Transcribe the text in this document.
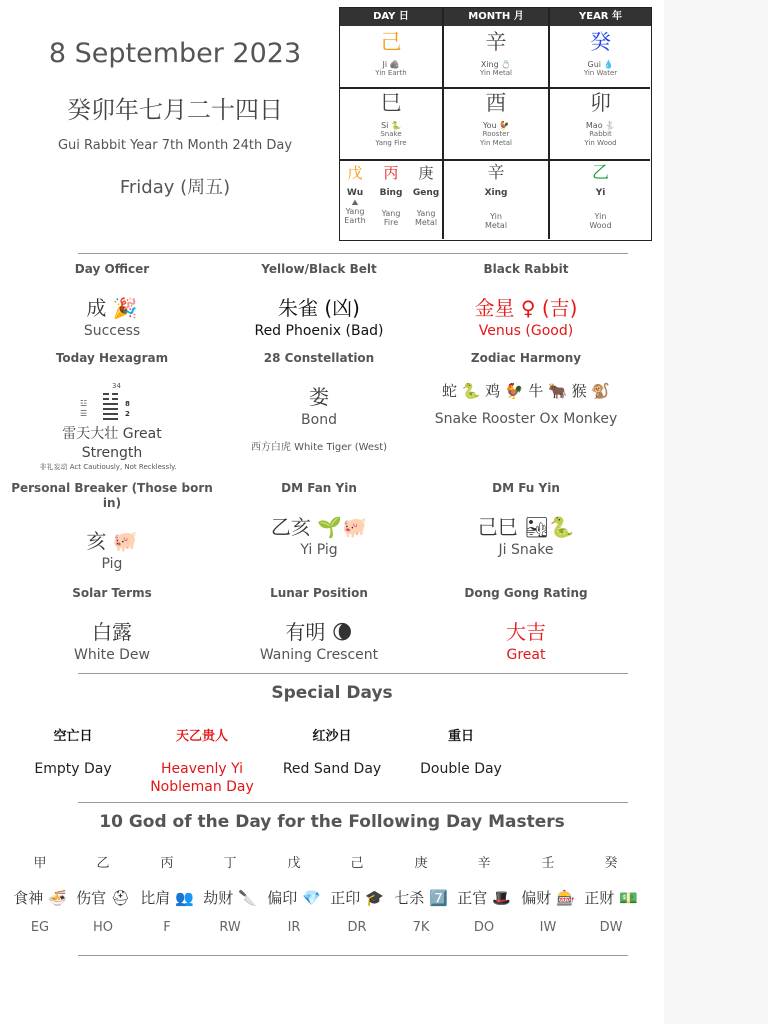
8 September 2023
癸卯年七月二十四日
Gui Rabbit Year 7th Month 24th Day
Friday (周五)
DAY 日	MONTH 月	YEAR 年
己
Ji 🪨
Yin Earth
辛
Xing 💍
Yin Metal
癸
Gui 💧
Yin Water
巳
Si 🐍
Snake
Yang Fire
酉
You 🐓
Rooster
Yin Metal
卯
Mao 🐇
Rabbit
Yin Wood
戊
Wu
⛰
Yang
Earth
丙
Bing
Yang
Fire
庚
Geng
Yang
Metal
辛
Xing
Yin
Metal
乙
Yi
Yin
Wood
Day Officer
成 🎉
Success
Yellow/Black Belt
朱雀 (凶)
Red Phoenix (Bad)
Black Rabbit
金星 ♀ (吉)
Venus (Good)
Today Hexagram
34
☳
☰
8
2
雷天大壮 Great
Strength
非礼妄动 Act Cautiously, Not Recklessly.
28 Constellation
娄
Bond
西方白虎 White Tiger (West)
Zodiac Harmony
蛇 🐍 鸡 🐓 牛 🐂 猴 🐒
Snake Rooster Ox Monkey
Personal Breaker (Those born in)
亥 🐖
Pig
DM Fan Yin
乙亥 🌱🐖
Yi Pig
DM Fu Yin
己巳 🏜🐍
Ji Snake
Solar Terms
白露
White Dew
Lunar Position
有明 🌘
Waning Crescent
Dong Gong Rating
大吉
Great
Special Days
空亡日
Empty Day
天乙贵人
Heavenly Yi Nobleman Day
红沙日
Red Sand Day
重日
Double Day
10 God of the Day for the Following Day Masters
甲
食神 🍜
EG
乙
伤官 ⛑
HO
丙
比肩 👥
F
丁
劫财 🔪
RW
戊
偏印 💎
IR
己
正印 🎓
DR
庚
七杀 7️⃣
7K
辛
正官 🎩
DO
壬
偏财 🎰
IW
癸
正财 💵
DW
